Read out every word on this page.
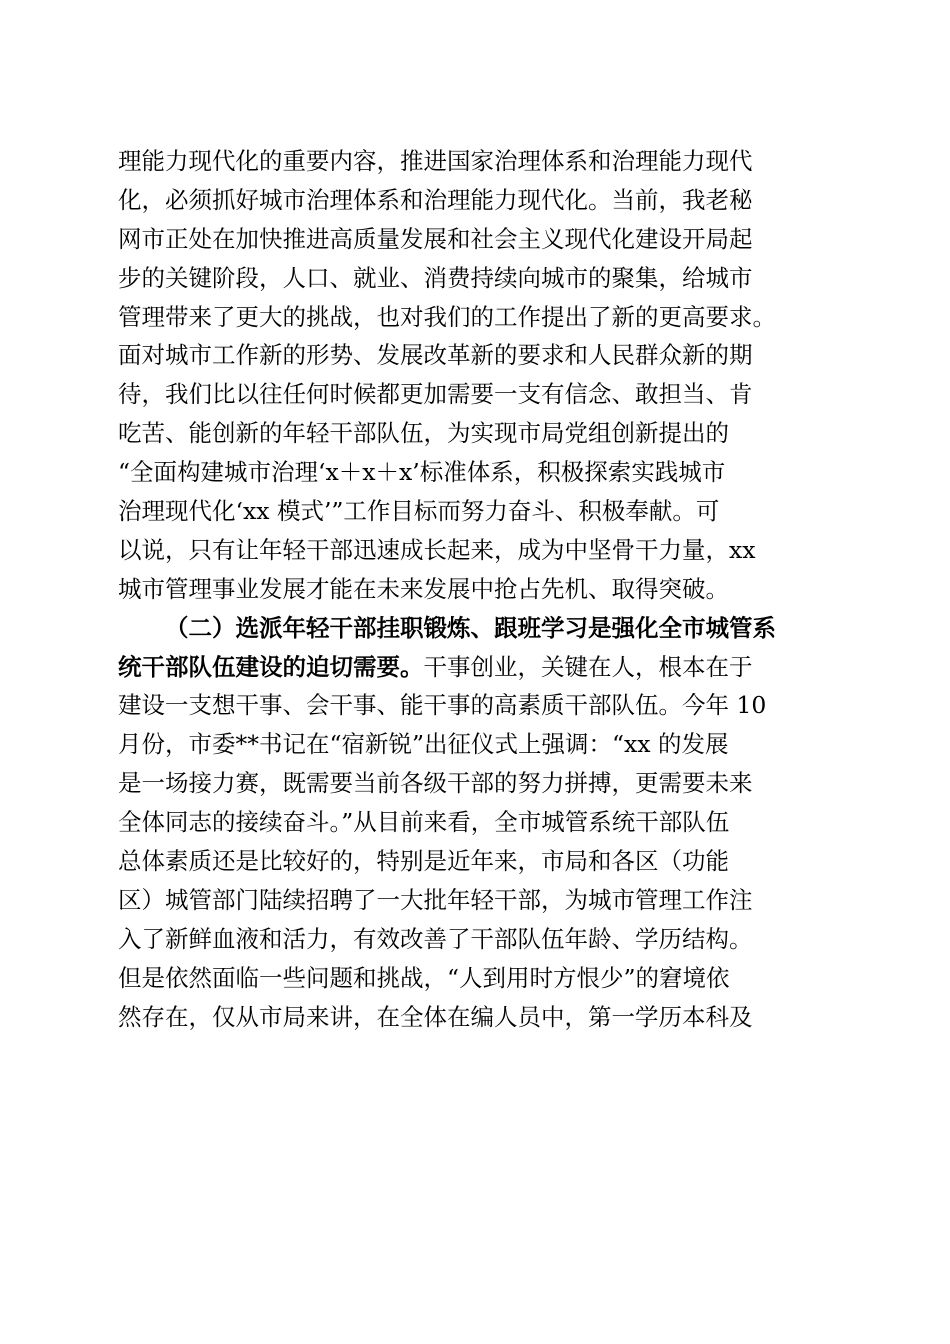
理能力现代化的重要内容，推进国家治理体系和治理能力现代
化，必须抓好城市治理体系和治理能力现代化。当前，我老秘
网市正处在加快推进高质量发展和社会主义现代化建设开局起
步的关键阶段，人口、就业、消费持续向城市的聚集，给城市
管理带来了更大的挑战，也对我们的工作提出了新的更高要求。
面对城市工作新的形势、发展改革新的要求和人民群众新的期
待，我们比以往任何时候都更加需要一支有信念、敢担当、肯
吃苦、能创新的年轻干部队伍，为实现市局党组创新提出的
“全面构建城市治理‘x＋x＋x’标准体系，积极探索实践城市
治理现代化‘xx 模式’”工作目标而努力奋斗、积极奉献。可
以说，只有让年轻干部迅速成长起来，成为中坚骨干力量，xx
城市管理事业发展才能在未来发展中抢占先机、取得突破。
（二）选派年轻干部挂职锻炼、跟班学习是强化全市城管系
统干部队伍建设的迫切需要。干事创业，关键在人，根本在于
建设一支想干事、会干事、能干事的高素质干部队伍。今年 10
月份，市委**书记在“宿新锐”出征仪式上强调：“xx 的发展
是一场接力赛，既需要当前各级干部的努力拼搏，更需要未来
全体同志的接续奋斗。”从目前来看，全市城管系统干部队伍
总体素质还是比较好的，特别是近年来，市局和各区（功能
区）城管部门陆续招聘了一大批年轻干部，为城市管理工作注
入了新鲜血液和活力，有效改善了干部队伍年龄、学历结构。
但是依然面临一些问题和挑战，“人到用时方恨少”的窘境依
然存在，仅从市局来讲，在全体在编人员中，第一学历本科及
